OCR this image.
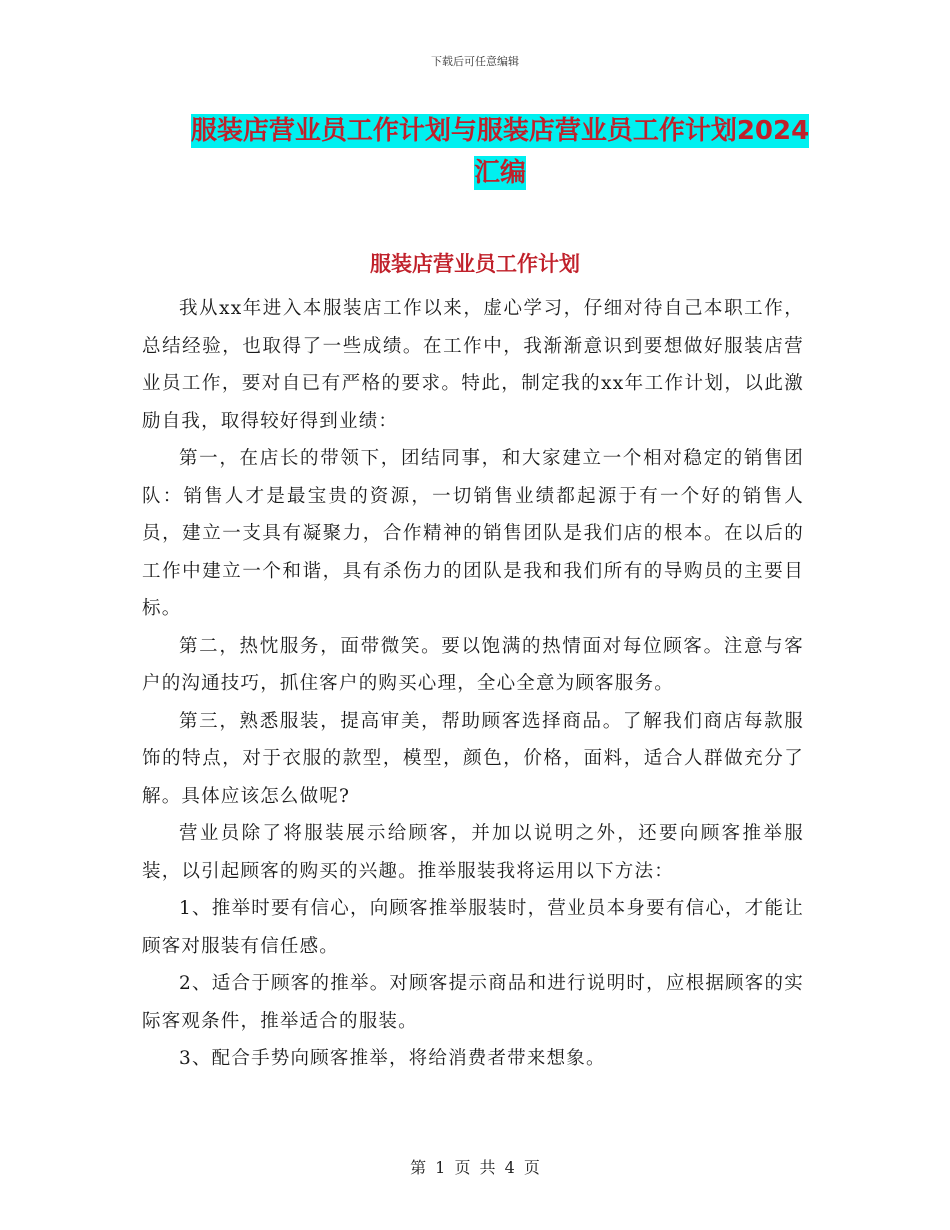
下载后可任意编辑
服装店营业员工作计划与服装店营业员工作计划2024汇编
服装店营业员工作计划

我从xx年进入本服装店工作以来，虚心学习，仔细对待自己本职工作，总结经验，也取得了一些成绩。在工作中，我渐渐意识到要想做好服装店营业员工作，要对自已有严格的要求。特此，制定我的xx年工作计划，以此激励自我，取得较好得到业绩：

第一，在店长的带领下，团结同事，和大家建立一个相对稳定的销售团队：销售人才是最宝贵的资源，一切销售业绩都起源于有一个好的销售人员，建立一支具有凝聚力，合作精神的销售团队是我们店的根本。在以后的工作中建立一个和谐，具有杀伤力的团队是我和我们所有的导购员的主要目标。

第二，热忱服务，面带微笑。要以饱满的热情面对每位顾客。注意与客户的沟通技巧，抓住客户的购买心理，全心全意为顾客服务。

第三，熟悉服装，提高审美，帮助顾客选择商品。了解我们商店每款服饰的特点，对于衣服的款型，模型，颜色，价格，面料，适合人群做充分了解。具体应该怎么做呢?

营业员除了将服装展示给顾客，并加以说明之外，还要向顾客推举服装，以引起顾客的购买的兴趣。推举服装我将运用以下方法：

1、推举时要有信心，向顾客推举服装时，营业员本身要有信心，才能让顾客对服装有信任感。

2、适合于顾客的推举。对顾客提示商品和进行说明时，应根据顾客的实际客观条件，推举适合的服装。

3、配合手势向顾客推举，将给消费者带来想象。

第 1 页 共 4 页
